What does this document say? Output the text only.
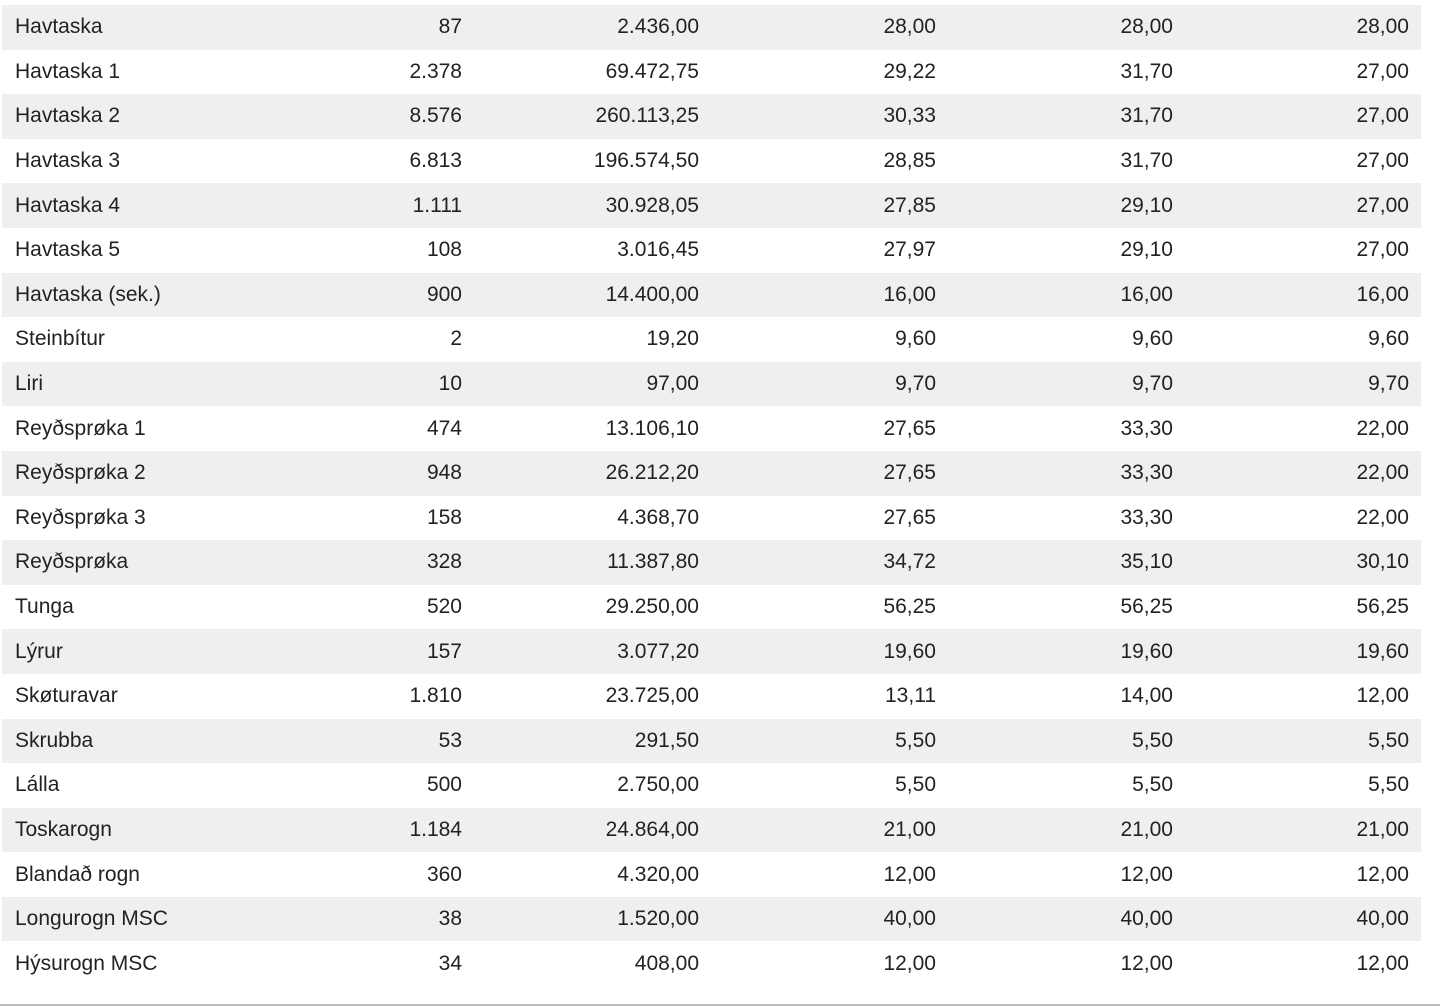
Havtaska	87	2.436,00	28,00	28,00	28,00
Havtaska 1	2.378	69.472,75	29,22	31,70	27,00
Havtaska 2	8.576	260.113,25	30,33	31,70	27,00
Havtaska 3	6.813	196.574,50	28,85	31,70	27,00
Havtaska 4	1.111	30.928,05	27,85	29,10	27,00
Havtaska 5	108	3.016,45	27,97	29,10	27,00
Havtaska (sek.)	900	14.400,00	16,00	16,00	16,00
Steinbítur	2	19,20	9,60	9,60	9,60
Liri	10	97,00	9,70	9,70	9,70
Reyðsprøka 1	474	13.106,10	27,65	33,30	22,00
Reyðsprøka 2	948	26.212,20	27,65	33,30	22,00
Reyðsprøka 3	158	4.368,70	27,65	33,30	22,00
Reyðsprøka	328	11.387,80	34,72	35,10	30,10
Tunga	520	29.250,00	56,25	56,25	56,25
Lýrur	157	3.077,20	19,60	19,60	19,60
Skøturavar	1.810	23.725,00	13,11	14,00	12,00
Skrubba	53	291,50	5,50	5,50	5,50
Lálla	500	2.750,00	5,50	5,50	5,50
Toskarogn	1.184	24.864,00	21,00	21,00	21,00
Blandað rogn	360	4.320,00	12,00	12,00	12,00
Longurogn MSC	38	1.520,00	40,00	40,00	40,00
Hýsurogn MSC	34	408,00	12,00	12,00	12,00
